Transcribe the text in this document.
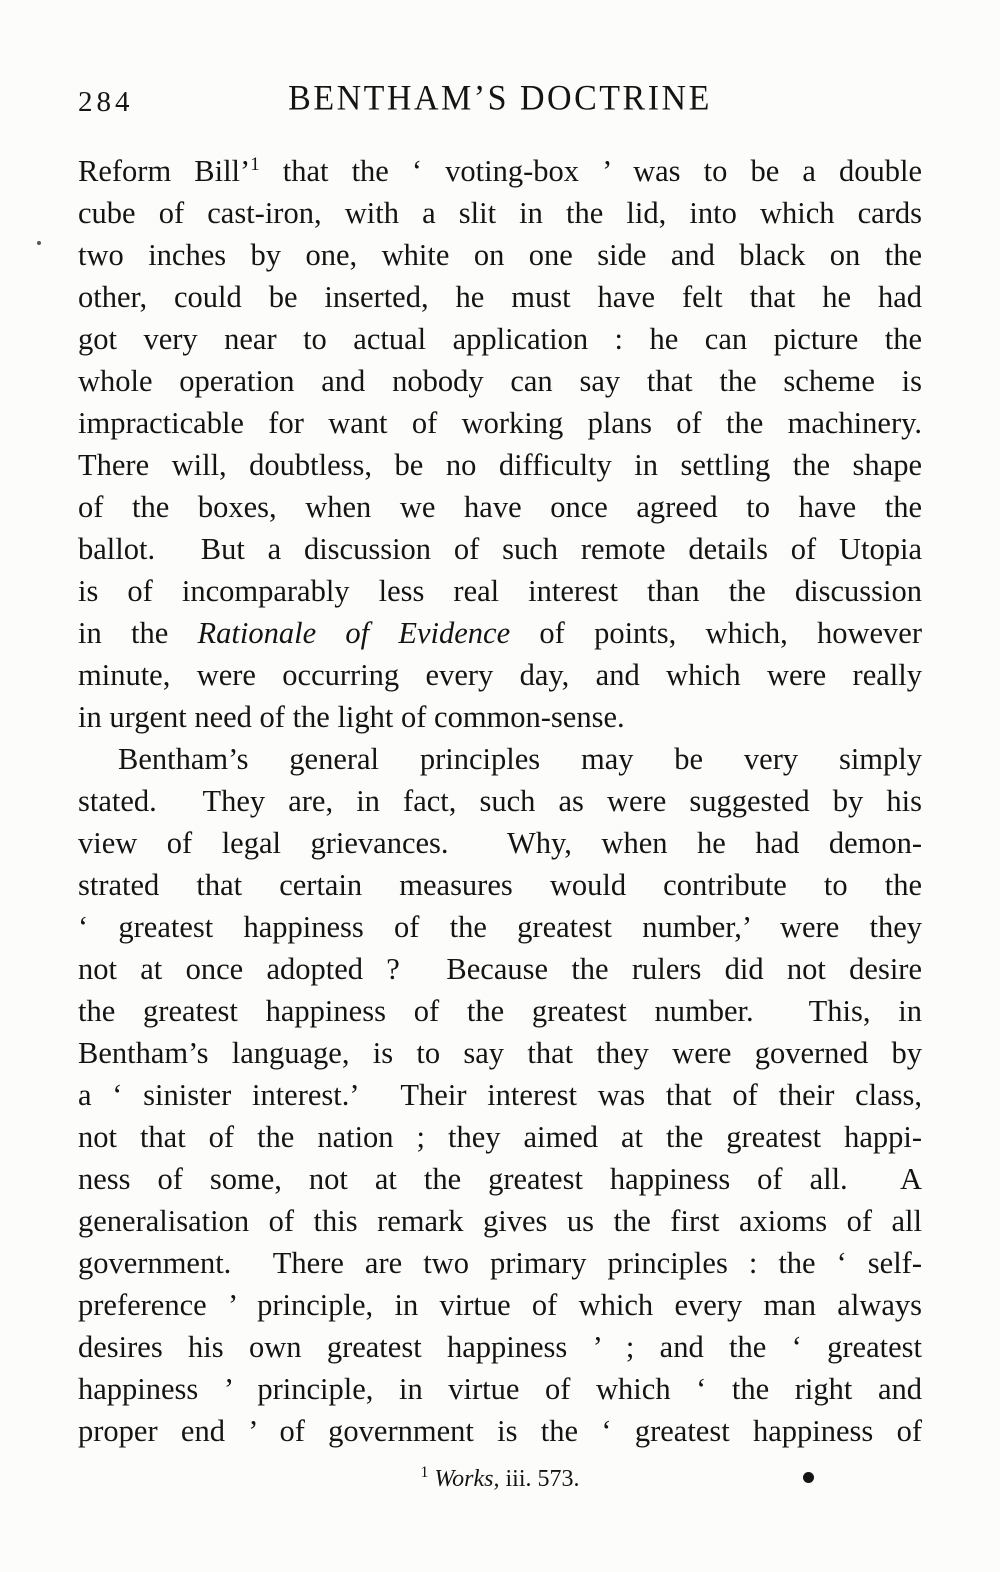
284	BENTHAM’S DOCTRINE
Reform Bill’$^1$ that the ‘ voting-box ’ was to be a double
cube of cast-iron, with a slit in the lid, into which cards
two inches by one, white on one side and black on the
other, could be inserted, he must have felt that he had
got very near to actual application : he can picture the
whole operation and nobody can say that the scheme is
impracticable for want of working plans of the machinery.
There will, doubtless, be no difficulty in settling the shape
of the boxes, when we have once agreed to have the
ballot.  But a discussion of such remote details of Utopia
is of incomparably less real interest than the discussion
in the Rationale of Evidence of points, which, however
minute, were occurring every day, and which were really
in urgent need of the light of common-sense.
Bentham’s general principles may be very simply
stated.  They are, in fact, such as were suggested by his
view of legal grievances.  Why, when he had demon-
strated that certain measures would contribute to the
‘ greatest happiness of the greatest number,’ were they
not at once adopted ?  Because the rulers did not desire
the greatest happiness of the greatest number.  This, in
Bentham’s language, is to say that they were governed by
a ‘ sinister interest.’  Their interest was that of their class,
not that of the nation ; they aimed at the greatest happi-
ness of some, not at the greatest happiness of all.  A
generalisation of this remark gives us the first axioms of all
government.  There are two primary principles : the ‘ self-
preference ’ principle, in virtue of which every man always
desires his own greatest happiness ’ ; and the ‘ greatest
happiness ’ principle, in virtue of which ‘ the right and
proper end ’ of government is the ‘ greatest happiness of
$^1$ Works, iii. 573.
